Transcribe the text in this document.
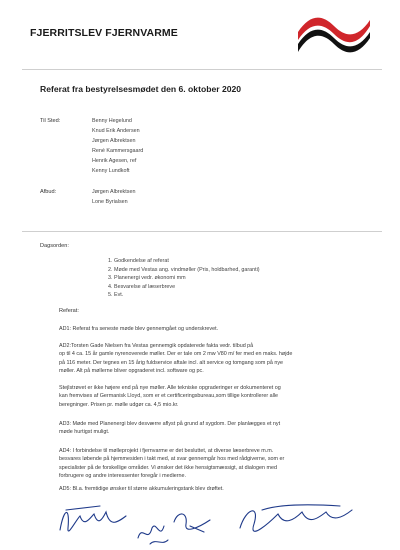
FJERRITSLEV FJERNVARME
Referat fra bestyrelsesmødet den 6. oktober 2020
Til Sted:	Benny Hegelund
Knud Erik Andersen
Jørgen Albrektsen
René Kammersgaard
Henrik Agesen, ref
Kenny Lundkoft
Afbud:	Jørgen Albrektsen
Lone Byrialsen
Dagsorden:
1. Godkendelse af referat
2. Møde med Vestas ang. vindmøller (Pris, holdbarhed, garanti)
3. Planenergi vedr. økonomi mm
4. Besvarelse af læserbreve
5. Evt.
Referat:
AD1: Referat fra seneste møde blev gennemgået og underskrevet.
AD2:Torsten Gade Nielsen fra Vestas gennemgik opdaterede fakta vedr. tilbud på
op til 4 ca. 15 år gamle nyrenoverede møller. Der er tale om 2 mw V80 m/ fer med en maks. højde
på 116 meter. Der tegnes en 15 årig fuldservice aftale incl. alt service og tomgang som på nye
møller. Alt på møllerne bliver opgraderet incl. software og pc.
Stejlstrøvet er ikke højere end på nye møller. Alle tekniske opgraderinger er dokumenteret og
kan fremvises af Germanisk Lloyd, som er et certificeringsbureau,som tillige kontrollerer alle
beregninger. Prisen pr. mølle udgør ca. 4,5 mio.kr.
AD3: Møde med Planenergi blev desværre aflyst på grund af sygdom. Der planlægges et nyt
møde hurtigst muligt.
AD4: I forbindelse til mølleprojekt i fjernvarme er det besluttet, at diverse læserbreve m.m.
besvares løbende på hjemmesiden i takt med, at svar gennemgår hos med rådgiverne, som er
specialister på de forskellige områder. Vi ønsker det ikke hensigtsmæssigt, at dialogen med
forbrugere og andre interessenter foregår i medierne.
AD5: Bl.a. fremtidige ønsker til større akkumuleringstank blev drøftet.
